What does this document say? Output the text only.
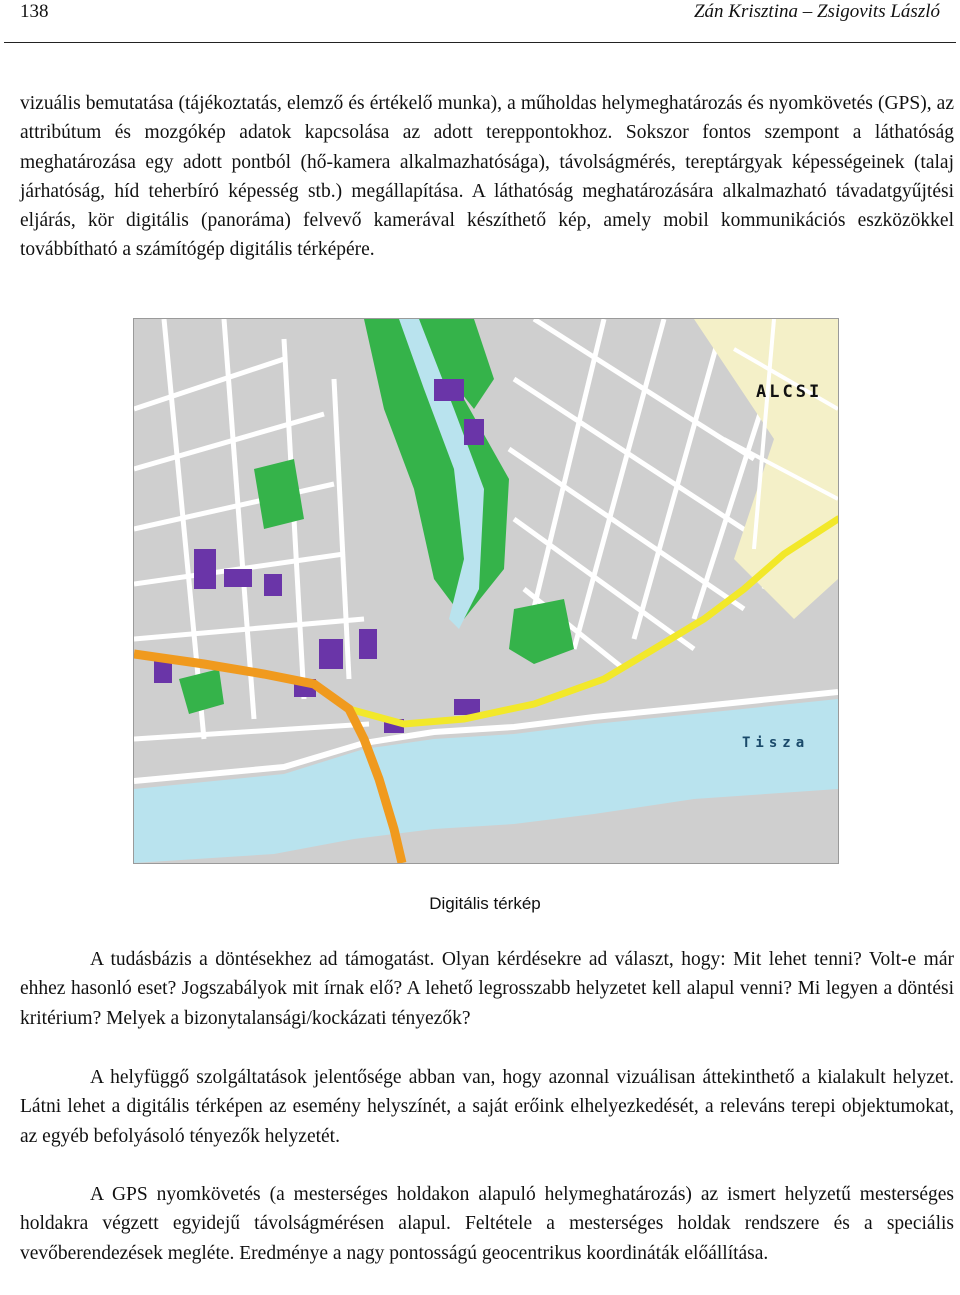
138	Zán Krisztina – Zsigovits László

vizuális bemutatása (tájékoztatás, elemző és értékelő munka), a műholdas helymeghatározás és nyomkövetés (GPS), az attribútum és mozgókép adatok kapcsolása az adott tereppontokhoz. Sokszor fontos szempont a láthatóság meghatározása egy adott pontból (hő-kamera alkalmazhatósága), távolságmérés, tereptárgyak képességeinek (talaj járhatóság, híd teherbíró képesség stb.) megállapítása. A láthatóság meghatározására alkalmazható távadatgyűjtési eljárás, kör digitális (panoráma) felvevő kamerával készíthető kép, amely mobil kommunikációs eszközökkel továbbítható a számítógép digitális térképére.

ALCSI
Tisza
Digitális térkép

A tudásbázis a döntésekhez ad támogatást. Olyan kérdésekre ad választ, hogy: Mit lehet tenni? Volt-e már ehhez hasonló eset? Jogszabályok mit írnak elő? A lehető legrosszabb helyzetet kell alapul venni? Mi legyen a döntési kritérium? Melyek a bizonytalansági/kockázati tényezők?

A helyfüggő szolgáltatások jelentősége abban van, hogy azonnal vizuálisan áttekinthető a kialakult helyzet. Látni lehet a digitális térképen az esemény helyszínét, a saját erőink elhelyezkedését, a releváns terepi objektumokat, az egyéb befolyásoló tényezők helyzetét.

A GPS nyomkövetés (a mesterséges holdakon alapuló helymeghatározás) az ismert helyzetű mesterséges holdakra végzett egyidejű távolságmérésen alapul. Feltétele a mesterséges holdak rendszere és a speciális vevőberendezések megléte. Eredménye a nagy pontosságú geocentrikus koordináták előállítása.
